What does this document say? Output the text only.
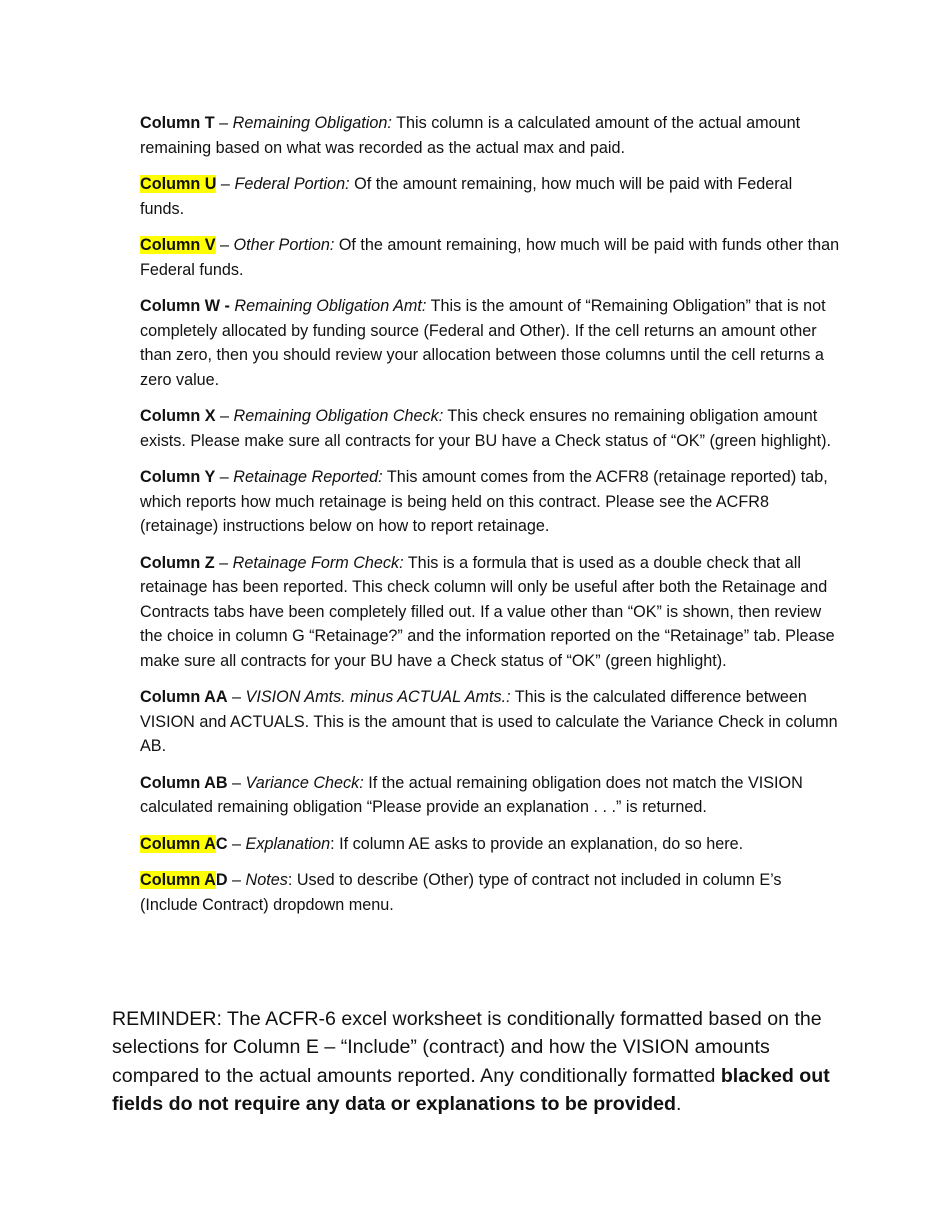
Column T – Remaining Obligation: This column is a calculated amount of the actual amount remaining based on what was recorded as the actual max and paid.

Column U – Federal Portion: Of the amount remaining, how much will be paid with Federal funds.

Column V – Other Portion: Of the amount remaining, how much will be paid with funds other than Federal funds.

Column W - Remaining Obligation Amt: This is the amount of “Remaining Obligation” that is not completely allocated by funding source (Federal and Other). If the cell returns an amount other than zero, then you should review your allocation between those columns until the cell returns a zero value.

Column X – Remaining Obligation Check: This check ensures no remaining obligation amount exists. Please make sure all contracts for your BU have a Check status of “OK” (green highlight).

Column Y – Retainage Reported: This amount comes from the ACFR8 (retainage reported) tab, which reports how much retainage is being held on this contract. Please see the ACFR8 (retainage) instructions below on how to report retainage.

Column Z – Retainage Form Check: This is a formula that is used as a double check that all retainage has been reported. This check column will only be useful after both the Retainage and Contracts tabs have been completely filled out. If a value other than “OK” is shown, then review the choice in column G “Retainage?” and the information reported on the “Retainage” tab. Please make sure all contracts for your BU have a Check status of “OK” (green highlight).

Column AA – VISION Amts. minus ACTUAL Amts.: This is the calculated difference between VISION and ACTUALS. This is the amount that is used to calculate the Variance Check in column AB.

Column AB – Variance Check: If the actual remaining obligation does not match the VISION calculated remaining obligation “Please provide an explanation . . .” is returned.

Column AC – Explanation: If column AE asks to provide an explanation, do so here.

Column AD – Notes: Used to describe (Other) type of contract not included in column E’s (Include Contract) dropdown menu.

REMINDER: The ACFR-6 excel worksheet is conditionally formatted based on the selections for Column E – “Include” (contract) and how the VISION amounts compared to the actual amounts reported. Any conditionally formatted blacked out fields do not require any data or explanations to be provided.
